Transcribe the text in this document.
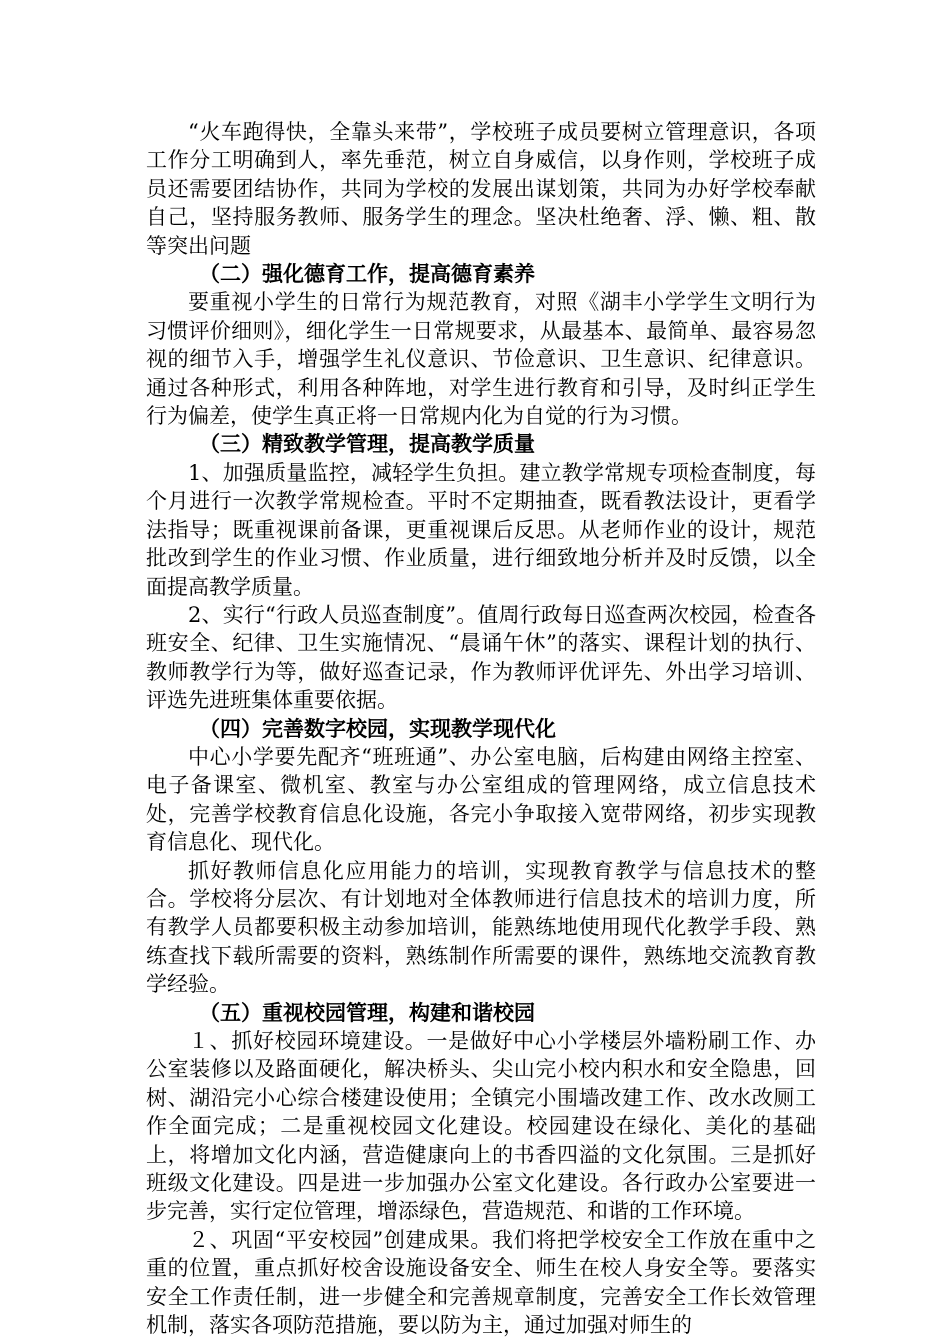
“火车跑得快，全靠头来带”，学校班子成员要树立管理意识，各项工作分工明确到人，率先垂范，树立自身威信，以身作则，学校班子成员还需要团结协作，共同为学校的发展出谋划策，共同为办好学校奉献自己，坚持服务教师、服务学生的理念。坚决杜绝奢、浮、懒、粗、散等突出问题

（二）强化德育工作，提高德育素养

要重视小学生的日常行为规范教育，对照《湖丰小学学生文明行为习惯评价细则》，细化学生一日常规要求，从最基本、最简单、最容易忽视的细节入手，增强学生礼仪意识、节俭意识、卫生意识、纪律意识。通过各种形式，利用各种阵地，对学生进行教育和引导，及时纠正学生行为偏差，使学生真正将一日常规内化为自觉的行为习惯。

（三）精致教学管理，提高教学质量

1、加强质量监控，减轻学生负担。建立教学常规专项检查制度，每个月进行一次教学常规检查。平时不定期抽查，既看教法设计，更看学法指导；既重视课前备课，更重视课后反思。从老师作业的设计，规范批改到学生的作业习惯、作业质量，进行细致地分析并及时反馈，以全面提高教学质量。

2、实行“行政人员巡查制度”。值周行政每日巡查两次校园，检查各班安全、纪律、卫生实施情况、“晨诵午休”的落实、课程计划的执行、教师教学行为等，做好巡查记录，作为教师评优评先、外出学习培训、评选先进班集体重要依据。

（四）完善数字校园，实现教学现代化

中心小学要先配齐“班班通”、办公室电脑，后构建由网络主控室、电子备课室、微机室、教室与办公室组成的管理网络，成立信息技术处，完善学校教育信息化设施，各完小争取接入宽带网络，初步实现教育信息化、现代化。

抓好教师信息化应用能力的培训，实现教育教学与信息技术的整合。学校将分层次、有计划地对全体教师进行信息技术的培训力度，所有教学人员都要积极主动参加培训，能熟练地使用现代化教学手段、熟练查找下载所需要的资料，熟练制作所需要的课件，熟练地交流教育教学经验。

（五）重视校园管理，构建和谐校园

１、抓好校园环境建设。一是做好中心小学楼层外墙粉刷工作、办公室装修以及路面硬化，解决桥头、尖山完小校内积水和安全隐患，回树、湖沿完小心综合楼建设使用；全镇完小围墙改建工作、改水改厕工作全面完成；二是重视校园文化建设。校园建设在绿化、美化的基础上，将增加文化内涵，营造健康向上的书香四溢的文化氛围。三是抓好班级文化建设。四是进一步加强办公室文化建设。各行政办公室要进一步完善，实行定位管理，增添绿色，营造规范、和谐的工作环境。

２、巩固“平安校园”创建成果。我们将把学校安全工作放在重中之重的位置，重点抓好校舍设施设备安全、师生在校人身安全等。要落实安全工作责任制，进一步健全和完善规章制度，完善安全工作长效管理机制，落实各项防范措施，要以防为主，通过加强对师生的
